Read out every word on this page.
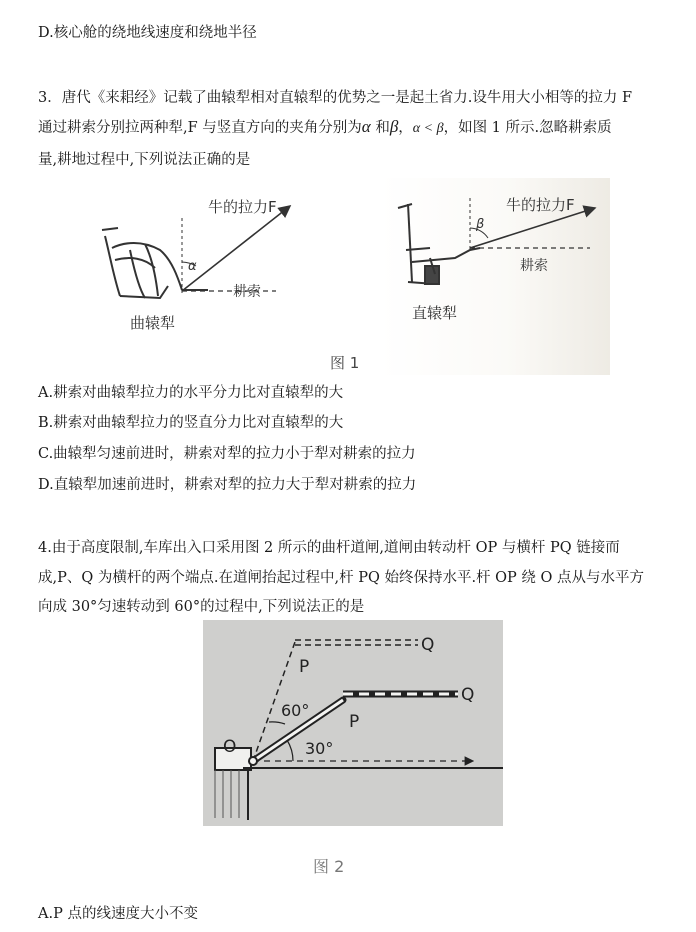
D.核心舱的绕地线速度和绕地半径
3．唐代《来耜经》记载了曲辕犁相对直辕犁的优势之一是起土省力.设牛用大小相等的拉力 F
通过耕索分别拉两种犁,F 与竖直方向的夹角分别为α 和β，α < β，如图 1 所示.忽略耕索质
量,耕地过程中,下列说法正确的是
α
牛的拉力F
耕索
曲辕犁
β
牛的拉力F
耕索
直辕犁
图 1
A.耕索对曲辕犁拉力的水平分力比对直辕犁的大
B.耕索对曲辕犁拉力的竖直分力比对直辕犁的大
C.曲辕犁匀速前进时，耕索对犁的拉力小于犁对耕索的拉力
D.直辕犁加速前进时，耕索对犁的拉力大于犁对耕索的拉力
4.由于高度限制,车库出入口采用图 2 所示的曲杆道闸,道闸由转动杆 OP 与横杆 PQ 链接而
成,P、Q 为横杆的两个端点.在道闸抬起过程中,杆 PQ 始终保持水平.杆 OP 绕 O 点从与水平方
向成 30°匀速转动到 60°的过程中,下列说法正的是
O
P
Q
P
Q
60°
30°
图 2
A.P 点的线速度大小不变
